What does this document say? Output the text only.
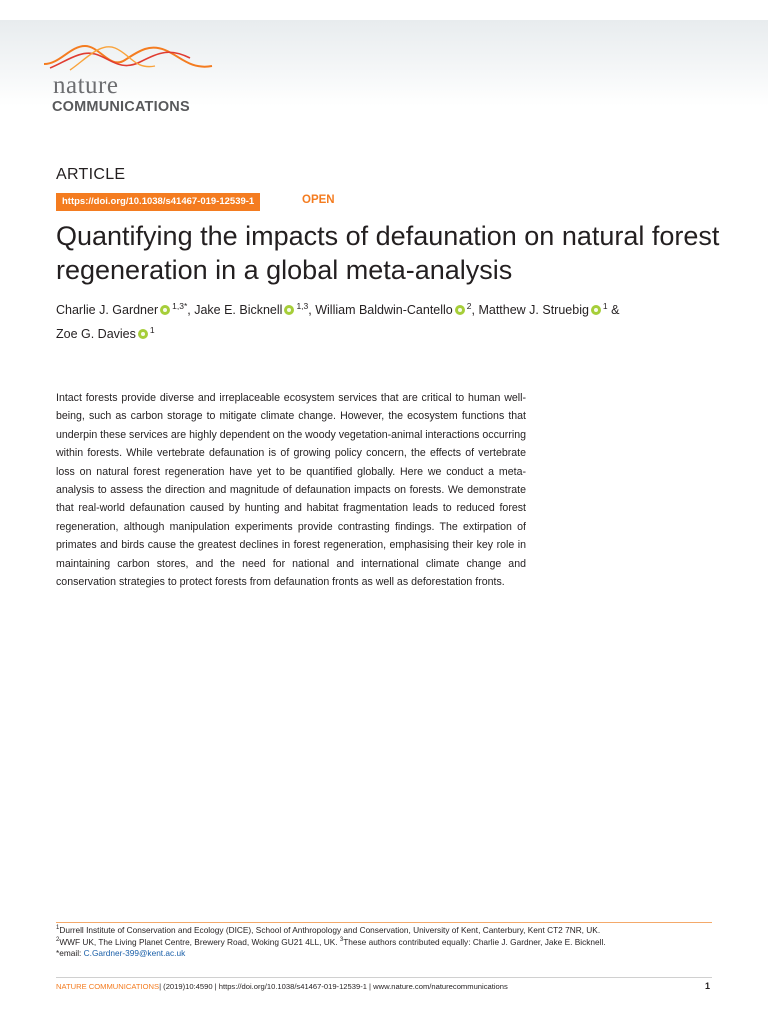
nature
COMMUNICATIONS
ARTICLE
https://doi.org/10.1038/s41467-019-12539-1	OPEN
Quantifying the impacts of defaunation on natural forest regeneration in a global meta-analysis
Charlie J. Gardner $^{1,3*}$, Jake E. Bicknell $^{1,3}$, William Baldwin-Cantello $^2$, Matthew J. Struebig $^1$ &
Zoe G. Davies $^1$

Intact forests provide diverse and irreplaceable ecosystem services that are critical to human well-being, such as carbon storage to mitigate climate change. However, the ecosystem functions that underpin these services are highly dependent on the woody vegetation-animal interactions occurring within forests. While vertebrate defaunation is of growing policy concern, the effects of vertebrate loss on natural forest regeneration have yet to be quantified globally. Here we conduct a meta-analysis to assess the direction and magnitude of defaunation impacts on forests. We demonstrate that real-world defaunation caused by hunting and habitat fragmentation leads to reduced forest regeneration, although manipulation experiments provide contrasting findings. The extirpation of primates and birds cause the greatest declines in forest regeneration, emphasising their key role in maintaining carbon stores, and the need for national and international climate change and conservation strategies to protect forests from defaunation fronts as well as deforestation fronts.

$^1$Durrell Institute of Conservation and Ecology (DICE), School of Anthropology and Conservation, University of Kent, Canterbury, Kent CT2 7NR, UK.
$^2$WWF UK, The Living Planet Centre, Brewery Road, Woking GU21 4LL, UK. $^3$These authors contributed equally: Charlie J. Gardner, Jake E. Bicknell.
*email: C.Gardner-399@kent.ac.uk
NATURE COMMUNICATIONS| (2019)10:4590 | https://doi.org/10.1038/s41467-019-12539-1 | www.nature.com/naturecommunications	1
